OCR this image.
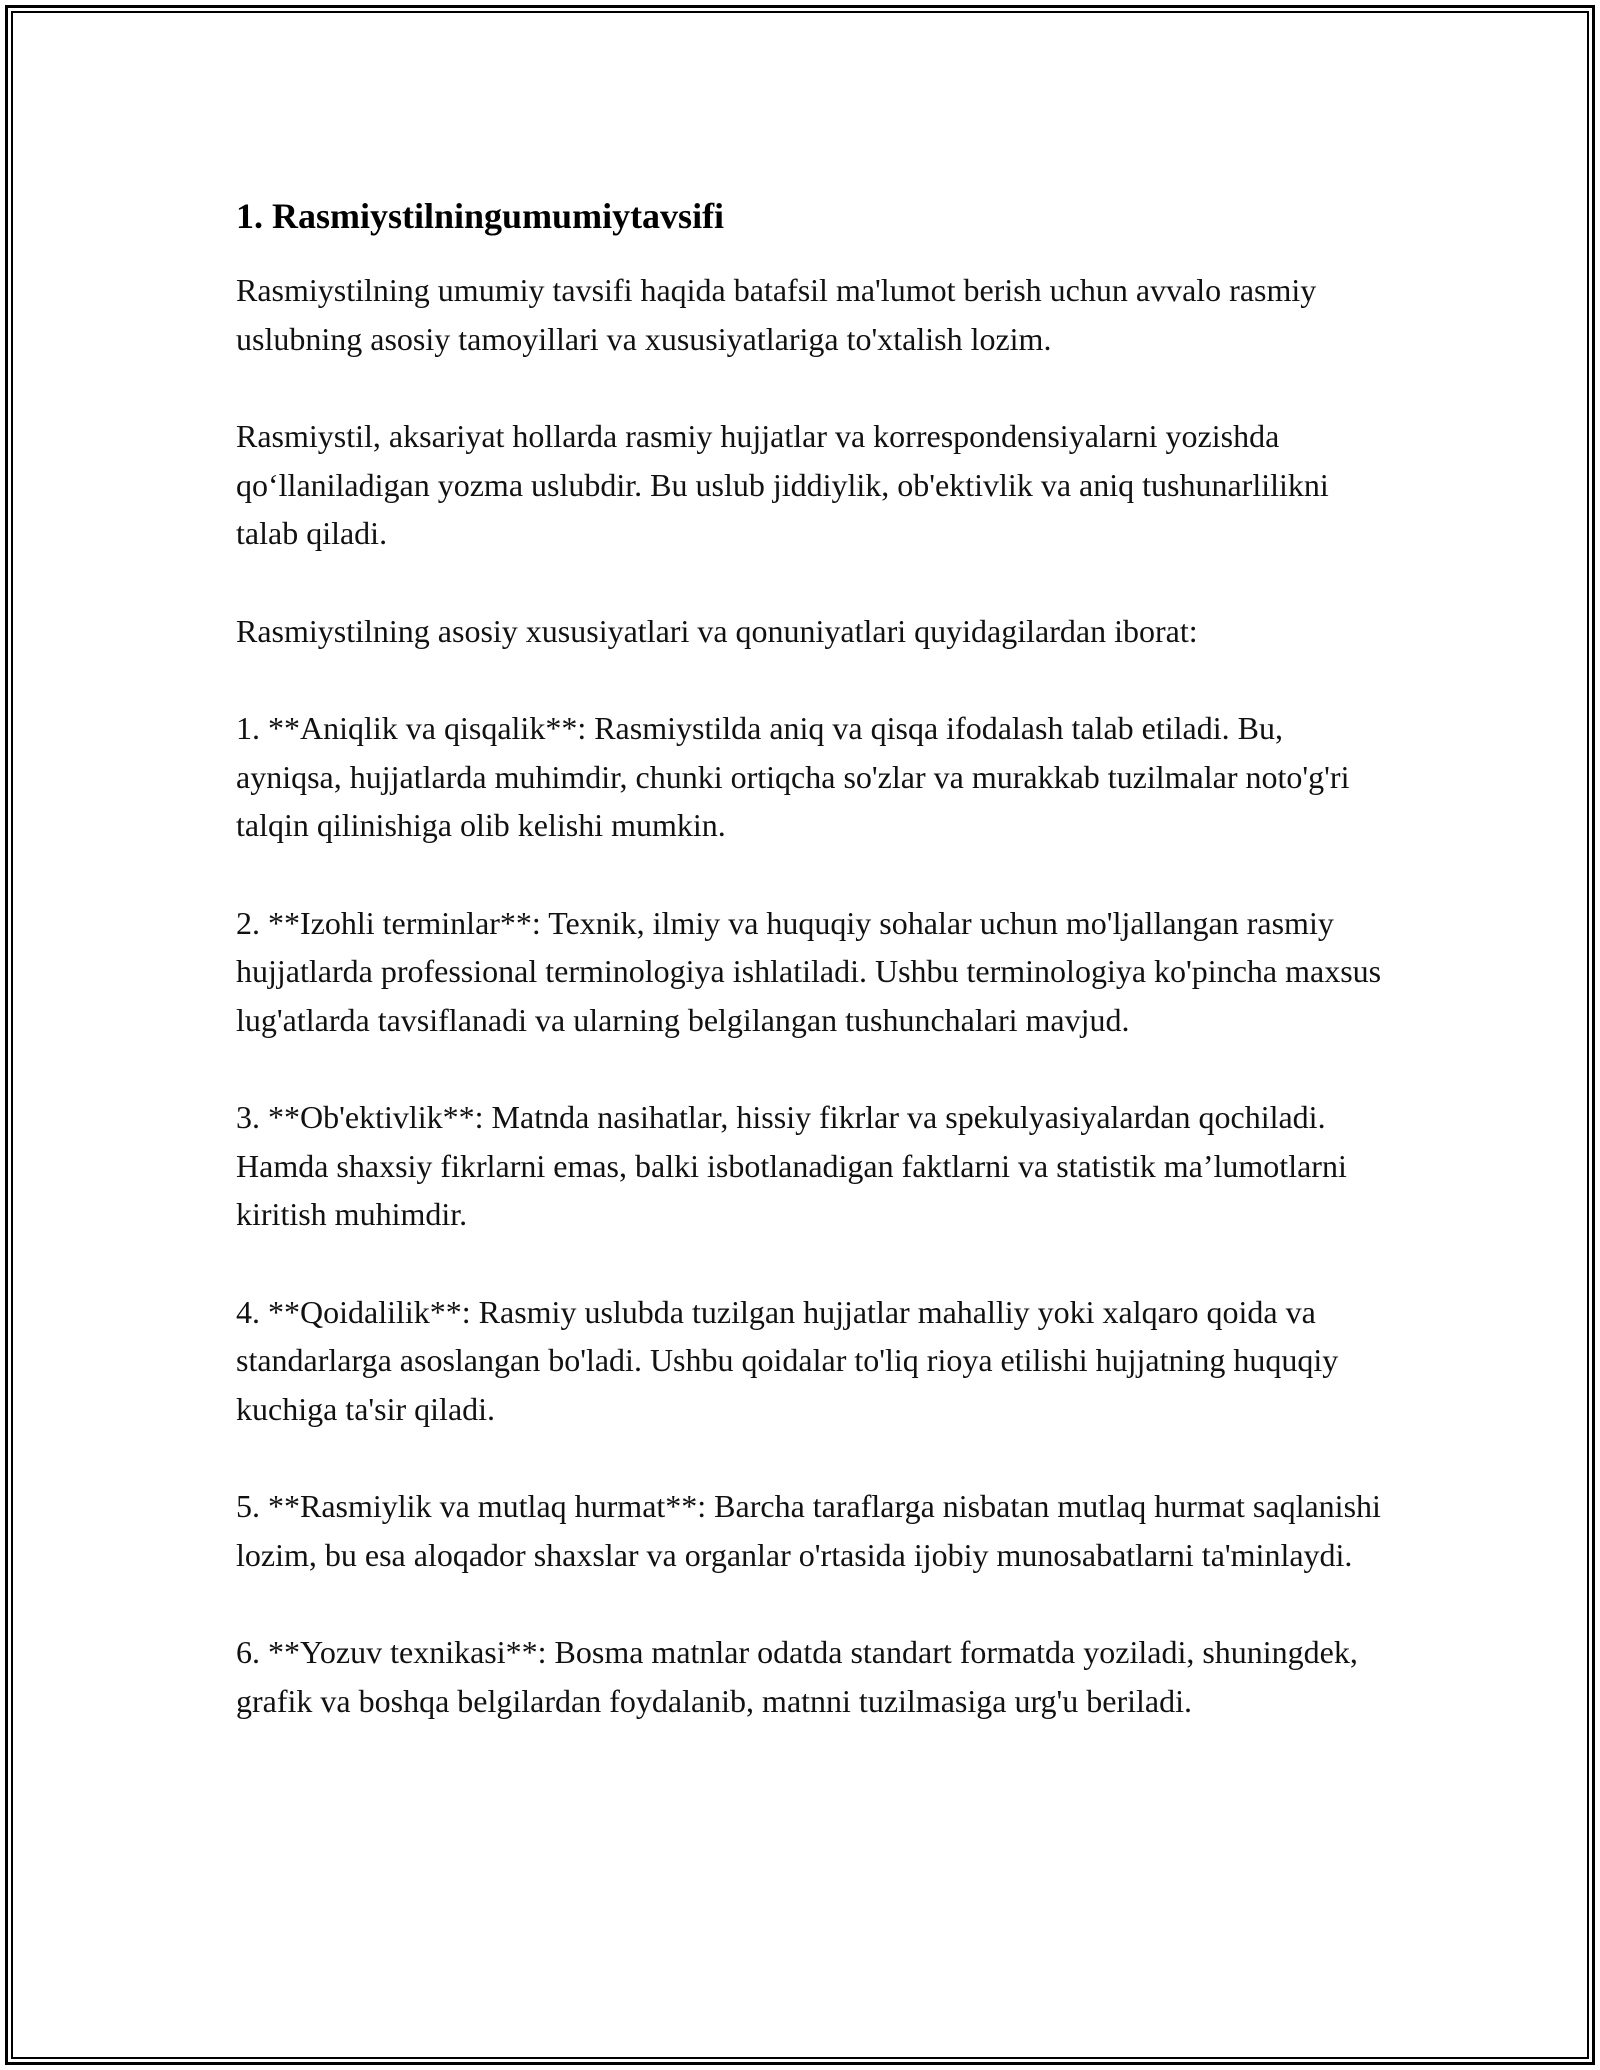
1. Rasmiystilningumumiytavsifi

Rasmiystilning umumiy tavsifi haqida batafsil ma'lumot berish uchun avvalo rasmiy uslubning asosiy tamoyillari va xususiyatlariga to'xtalish lozim.

Rasmiystil, aksariyat hollarda rasmiy hujjatlar va korrespondensiyalarni yozishda qo‘llaniladigan yozma uslubdir. Bu uslub jiddiylik, ob'ektivlik va aniq tushunarlilikni talab qiladi.

Rasmiystilning asosiy xususiyatlari va qonuniyatlari quyidagilardan iborat:

1. **Aniqlik va qisqalik**: Rasmiystilda aniq va qisqa ifodalash talab etiladi. Bu, ayniqsa, hujjatlarda muhimdir, chunki ortiqcha so'zlar va murakkab tuzilmalar noto'g'ri talqin qilinishiga olib kelishi mumkin.

2. **Izohli terminlar**: Texnik, ilmiy va huquqiy sohalar uchun mo'ljallangan rasmiy hujjatlarda professional terminologiya ishlatiladi. Ushbu terminologiya ko'pincha maxsus lug'atlarda tavsiflanadi va ularning belgilangan tushunchalari mavjud.

3. **Ob'ektivlik**: Matnda nasihatlar, hissiy fikrlar va spekulyasiyalardan qochiladi. Hamda shaxsiy fikrlarni emas, balki isbotlanadigan faktlarni va statistik ma’lumotlarni kiritish muhimdir.

4. **Qoidalilik**: Rasmiy uslubda tuzilgan hujjatlar mahalliy yoki xalqaro qoida va standarlarga asoslangan bo'ladi. Ushbu qoidalar to'liq rioya etilishi hujjatning huquqiy kuchiga ta'sir qiladi.

5. **Rasmiylik va mutlaq hurmat**: Barcha taraflarga nisbatan mutlaq hurmat saqlanishi lozim, bu esa aloqador shaxslar va organlar o'rtasida ijobiy munosabatlarni ta'minlaydi.

6. **Yozuv texnikasi**: Bosma matnlar odatda standart formatda yoziladi, shuningdek, grafik va boshqa belgilardan foydalanib, matnni tuzilmasiga urg'u beriladi.
